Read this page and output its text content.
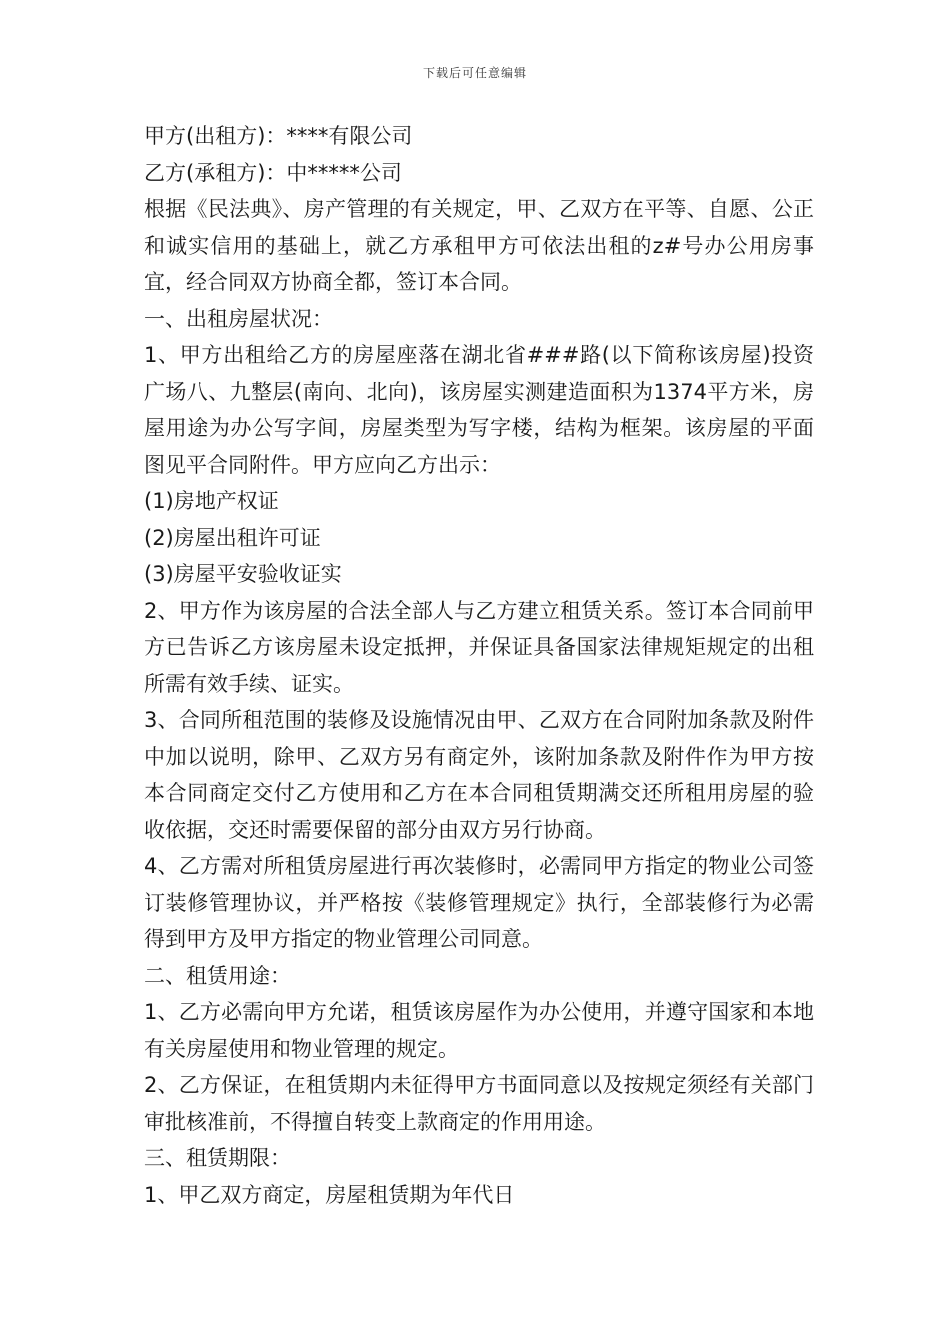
下载后可任意编辑

甲方(出租方)：****有限公司

乙方(承租方)：中*****公司

根据《民法典》、房产管理的有关规定，甲、乙双方在平等、自愿、公正和诚实信用的基础上，就乙方承租甲方可依法出租的z#号办公用房事宜，经合同双方协商全都，签订本合同。

一、出租房屋状况：

1、甲方出租给乙方的房屋座落在湖北省###路(以下简称该房屋)投资广场八、九整层(南向、北向)，该房屋实测建造面积为1374平方米，房屋用途为办公写字间，房屋类型为写字楼，结构为框架。该房屋的平面图见平合同附件。甲方应向乙方出示：

(1)房地产权证

(2)房屋出租许可证

(3)房屋平安验收证实

2、甲方作为该房屋的合法全部人与乙方建立租赁关系。签订本合同前甲方已告诉乙方该房屋未设定抵押，并保证具备国家法律规矩规定的出租所需有效手续、证实。

3、合同所租范围的装修及设施情况由甲、乙双方在合同附加条款及附件中加以说明，除甲、乙双方另有商定外，该附加条款及附件作为甲方按本合同商定交付乙方使用和乙方在本合同租赁期满交还所租用房屋的验收依据，交还时需要保留的部分由双方另行协商。

4、乙方需对所租赁房屋进行再次装修时，必需同甲方指定的物业公司签订装修管理协议，并严格按《装修管理规定》执行，全部装修行为必需得到甲方及甲方指定的物业管理公司同意。

二、租赁用途：

1、乙方必需向甲方允诺，租赁该房屋作为办公使用，并遵守国家和本地有关房屋使用和物业管理的规定。

2、乙方保证，在租赁期内未征得甲方书面同意以及按规定须经有关部门审批核准前，不得擅自转变上款商定的作用用途。

三、租赁期限：

1、甲乙双方商定，房屋租赁期为年代日
